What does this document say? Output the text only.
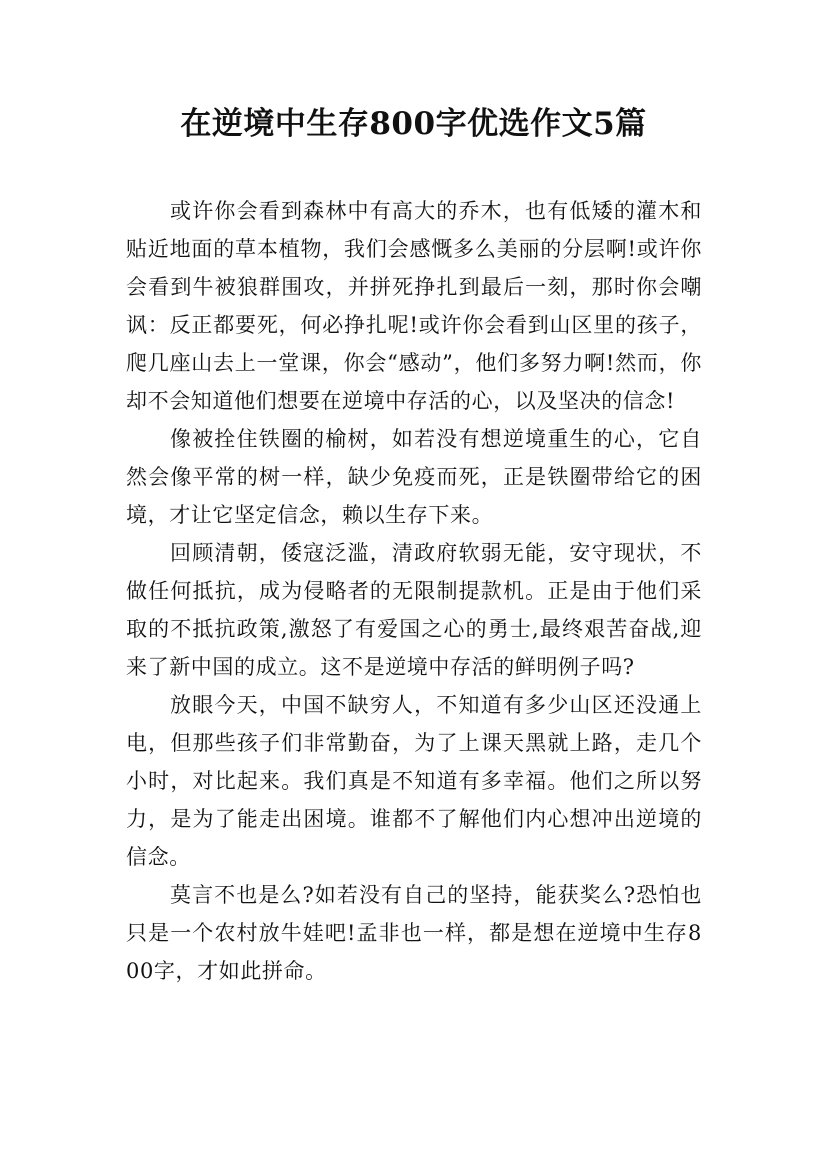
在逆境中生存800字优选作文5篇

或许你会看到森林中有高大的乔木，也有低矮的灌木和贴近地面的草本植物，我们会感慨多么美丽的分层啊!或许你会看到牛被狼群围攻，并拼死挣扎到最后一刻，那时你会嘲讽：反正都要死，何必挣扎呢!或许你会看到山区里的孩子，爬几座山去上一堂课，你会“感动”，他们多努力啊!然而，你却不会知道他们想要在逆境中存活的心，以及坚决的信念!

像被拴住铁圈的榆树，如若没有想逆境重生的心，它自然会像平常的树一样，缺少免疫而死，正是铁圈带给它的困境，才让它坚定信念，赖以生存下来。

回顾清朝，倭寇泛滥，清政府软弱无能，安守现状，不做任何抵抗，成为侵略者的无限制提款机。正是由于他们采取的不抵抗政策,激怒了有爱国之心的勇士,最终艰苦奋战,迎来了新中国的成立。这不是逆境中存活的鲜明例子吗?

放眼今天，中国不缺穷人，不知道有多少山区还没通上电，但那些孩子们非常勤奋，为了上课天黑就上路，走几个小时，对比起来。我们真是不知道有多幸福。他们之所以努力，是为了能走出困境。谁都不了解他们内心想冲出逆境的信念。

莫言不也是么?如若没有自己的坚持，能获奖么?恐怕也只是一个农村放牛娃吧!孟非也一样，都是想在逆境中生存800字，才如此拼命。
